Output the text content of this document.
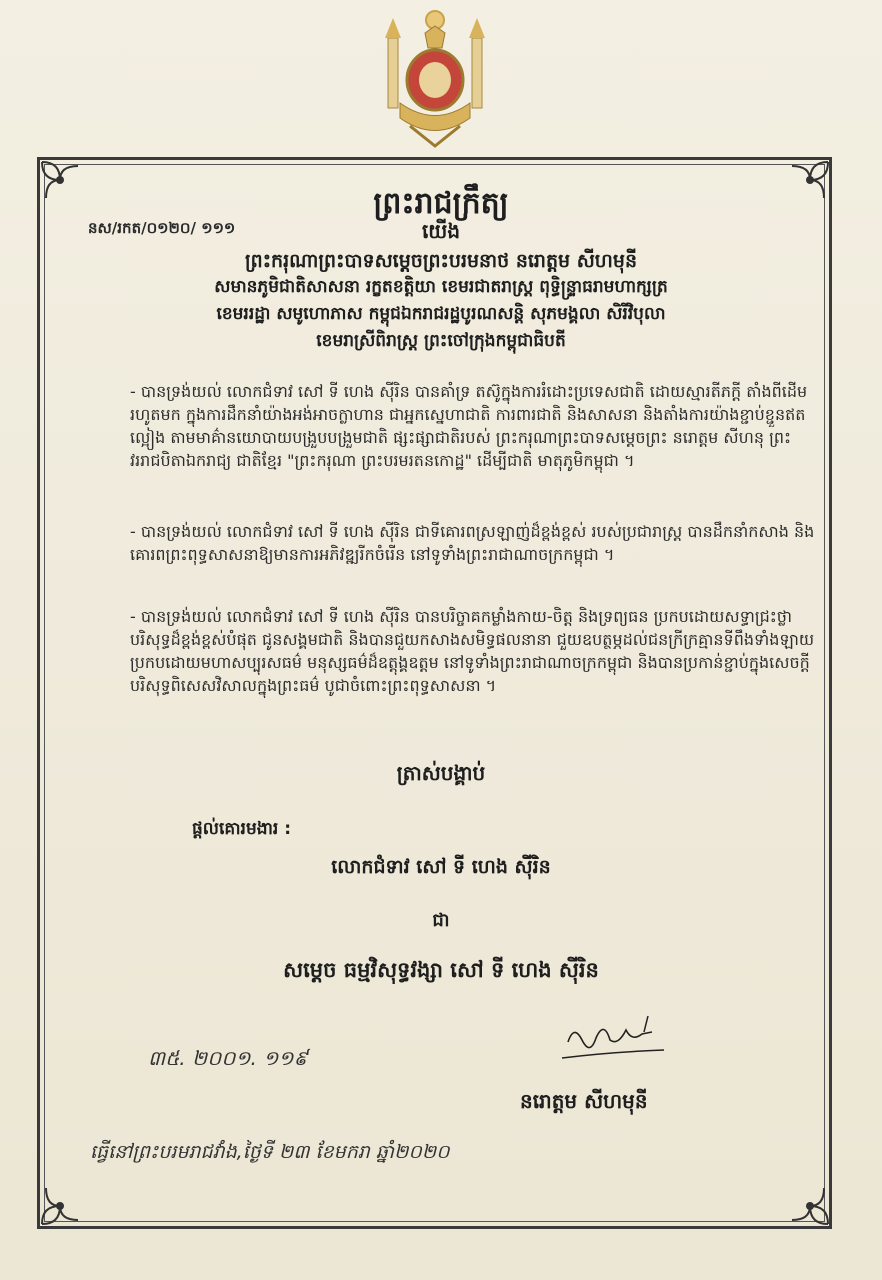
ព្រះរាជក្រឹត្យ
នស/រកត/០១២០/ ១១១	យើង
ព្រះករុណាព្រះបាទសម្តេចព្រះបរមនាថ នរោត្តម សីហមុនី
សមានភូមិជាតិសាសនា រក្ខតខត្តិយា ខេមរជាតរាស្ត្រ ពុទ្ធិន្ទ្រាធរាមហាក្សត្រ
ខេមររដ្ឋា សមូហោភាស កម្ពុជឯករាជរដ្ឋបូរណសន្តិ សុភមង្គលា សិរីវិបុលា
ខេមរាស្រីពិរាស្ត្រ ព្រះចៅក្រុងកម្ពុជាធិបតី
- បានទ្រង់យល់ លោកជំទាវ សៅ ទី ហេង ស៊ីរិន បានគាំទ្រ តស៊ូក្នុងការរំដោះប្រទេសជាតិ ដោយស្មារតីភក្តី តាំងពីដើមរហូតមក ក្នុងការដឹកនាំយ៉ាងអង់អាចក្លាហាន ជាអ្នកស្នេហាជាតិ ការពារជាតិ និងសាសនា និងតាំងការយ៉ាងខ្ជាប់ខ្ជួនឥតល្អៀង តាមមាគ៌ានយោបាយបង្រួបបង្រួមជាតិ ផ្សះផ្សាជាតិរបស់ ព្រះករុណាព្រះបាទសម្តេចព្រះ នរោត្តម សីហនុ ព្រះវររាជបិតាឯករាជ្យ ជាតិខ្មែរ "ព្រះករុណា ព្រះបរមរតនកោដ្ឋ" ដើម្បីជាតិ មាតុភូមិកម្ពុជា ។
- បានទ្រង់យល់ លោកជំទាវ សៅ ទី ហេង ស៊ីរិន ជាទីគោរពស្រឡាញ់ដ៏ខ្ពង់ខ្ពស់ របស់ប្រជារាស្ត្រ បានដឹកនាំកសាង និងគោរពព្រះពុទ្ធសាសនាឱ្យមានការអភិវឌ្ឍរីកចំរើន នៅទូទាំងព្រះរាជាណាចក្រកម្ពុជា ។
- បានទ្រង់យល់ លោកជំទាវ សៅ ទី ហេង ស៊ីរិន បានបរិច្ចាគកម្លាំងកាយ-ចិត្ត និងទ្រព្យធន ប្រកបដោយសទ្ធាជ្រះថ្លាបរិសុទ្ធដ៏ខ្ពង់ខ្ពស់បំផុត ជូនសង្គមជាតិ និងបានជួយកសាងសមិទ្ធផលនានា ជួយឧបត្ថម្ភដល់ជនក្រីក្រគ្មានទីពឹងទាំងឡាយ ប្រកបដោយមហាសប្បុរសធម៌ មនុស្សធម៌ដ៏ឧត្តុង្គឧត្តម នៅទូទាំងព្រះរាជាណាចក្រកម្ពុជា និងបានប្រកាន់ខ្ជាប់ក្នុងសេចក្តីបរិសុទ្ធពិសេសវិសាលក្នុងព្រះធម៌ បូជាចំពោះព្រះពុទ្ធសាសនា ។
ត្រាស់បង្គាប់
ផ្តល់គោរមងារ :
លោកជំទាវ សៅ ទី ហេង ស៊ីរិន
ជា
សម្តេច ធម្មវិសុទ្ធវង្សា សៅ ទី ហេង ស៊ីរិន
៣៥. ២០០១. ១១៩
នរោត្តម សីហមុនី
ធ្វើនៅព្រះបរមរាជវាំង,ថ្ងៃទី ២៣ ខែមករា ឆ្នាំ២០២០
